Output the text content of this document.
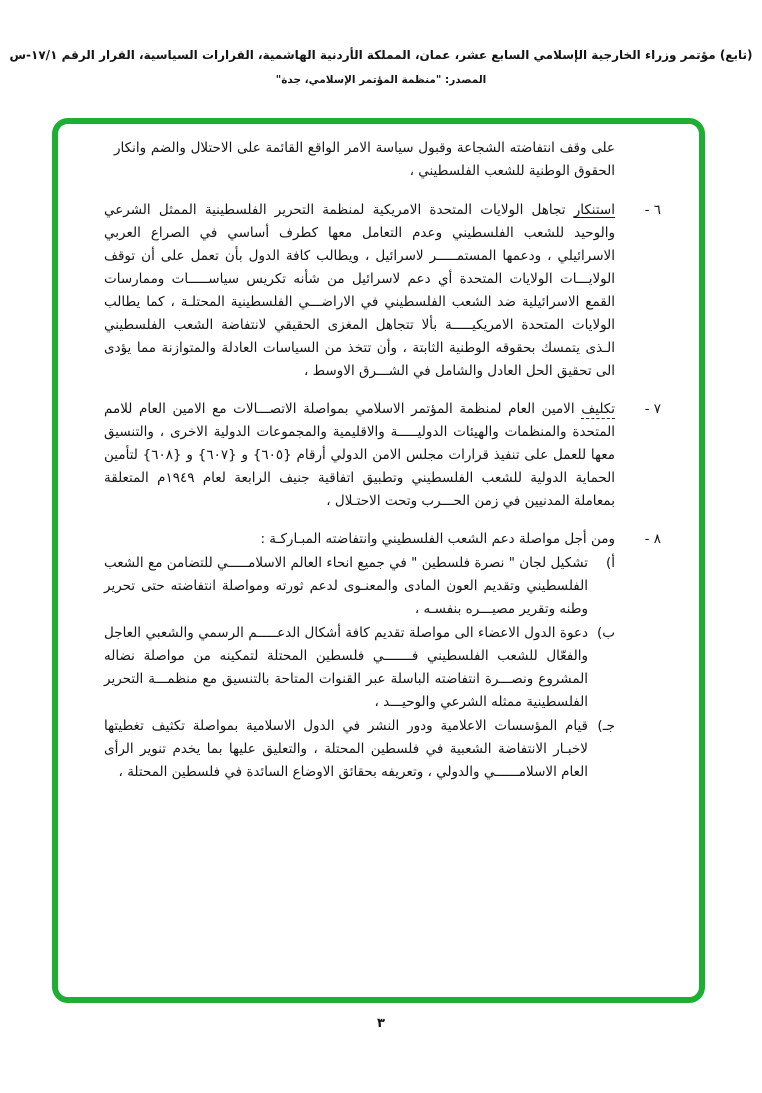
(تابع) مؤتمر وزراء الخارجية الإسلامي السابع عشر، عمان، المملكة الأردنية الهاشمية، القرارات السياسية، القرار الرقم ١٧/١-س
المصدر: "منظمة المؤتمر الإسلامي، جدة"

على وقف انتفاضته الشجاعة وقبول سياسة الامر الواقع القائمة على الاحتلال والضم وانكار الحقوق الوطنية للشعب الفلسطيني ،

٦ -

استنكار تجاهل الولايات المتحدة الامريكية لمنظمة التحرير الفلسطينية الممثل الشرعي والوحيد للشعب الفلسطيني وعدم التعامل معها كطرف أساسي في الصراع العربي الاسرائيلي ، ودعمها المستمـــــر لاسرائيل ، ويطالب كافة الدول بأن تعمل على أن توقف الولايـــات الولايات المتحدة أي دعم لاسرائيل من شأنه تكريس سياســـــات وممارسات القمع الاسرائيلية ضد الشعب الفلسطيني في الاراضـــي الفلسطينية المحتلـة ، كما يطالب الولايات المتحدة الامريكيـــــة بألا تتجاهل المغزى الحقيقي لانتفاضة الشعب الفلسطيني الـذى يتمسك بحقوقه الوطنية الثابتة ، وأن تتخذ من السياسات العادلة والمتوازنة مما يؤدى الى تحقيق الحل العادل والشامل في الشـــرق الاوسط ،

٧ -

تكليف الامين العام لمنظمة المؤتمر الاسلامي بمواصلة الاتصـــالات مع الامين العام للامم المتحدة والمنظمات والهيئات الدوليـــــة والاقليمية والمجموعات الدولية الاخرى ، والتنسيق معها للعمل على تنفيذ قرارات مجلس الامن الدولي أرقام {٦٠٥} و {٦٠٧} و {٦٠٨} لتأمين الحماية الدولية للشعب الفلسطيني وتطبيق اتفاقية جنيف الرابعة لعام ١٩٤٩م المتعلقة بمعاملة المدنيين في زمن الحـــرب وتحت الاحتـلال ،

٨ -

ومن أجل مواصلة دعم الشعب الفلسطيني وانتفاضته المبـاركـة :

أ)
تشكيل لجان " نصرة فلسطين " في جميع انحاء العالم الاسلامـــــي للتضامن مع الشعب الفلسطيني وتقديم العون المادى والمعنـوى لدعم ثورته ومواصلة انتفاضته حتى تحرير وطنه وتقرير مصيـــره بنفسـه ،
ب)
دعوة الدول الاعضاء الى مواصلة تقديم كافة أشكال الدعـــــم الرسمي والشعبي العاجل والفعّال للشعب الفلسطيني فـــــــي فلسطين المحتلة لتمكينه من مواصلة نضاله المشروع ونصـــرة انتفاضته الباسلة عبر القنوات المتاحة بالتنسيق مع منظمـــة التحرير الفلسطينية ممثله الشرعي والوحيـــد ،
جـ)
قيام المؤسسات الاعلامية ودور النشر في الدول الاسلامية بمواصلة تكثيف تغطيتها لاخبـار الانتفاضة الشعبية في فلسطين المحتلة ، والتعليق عليها بما يخدم تنوير الرأى العام الاسلامــــــي والدولي ، وتعريفه بحقائق الاوضاع السائدة في فلسطين المحتلة ،
٣
